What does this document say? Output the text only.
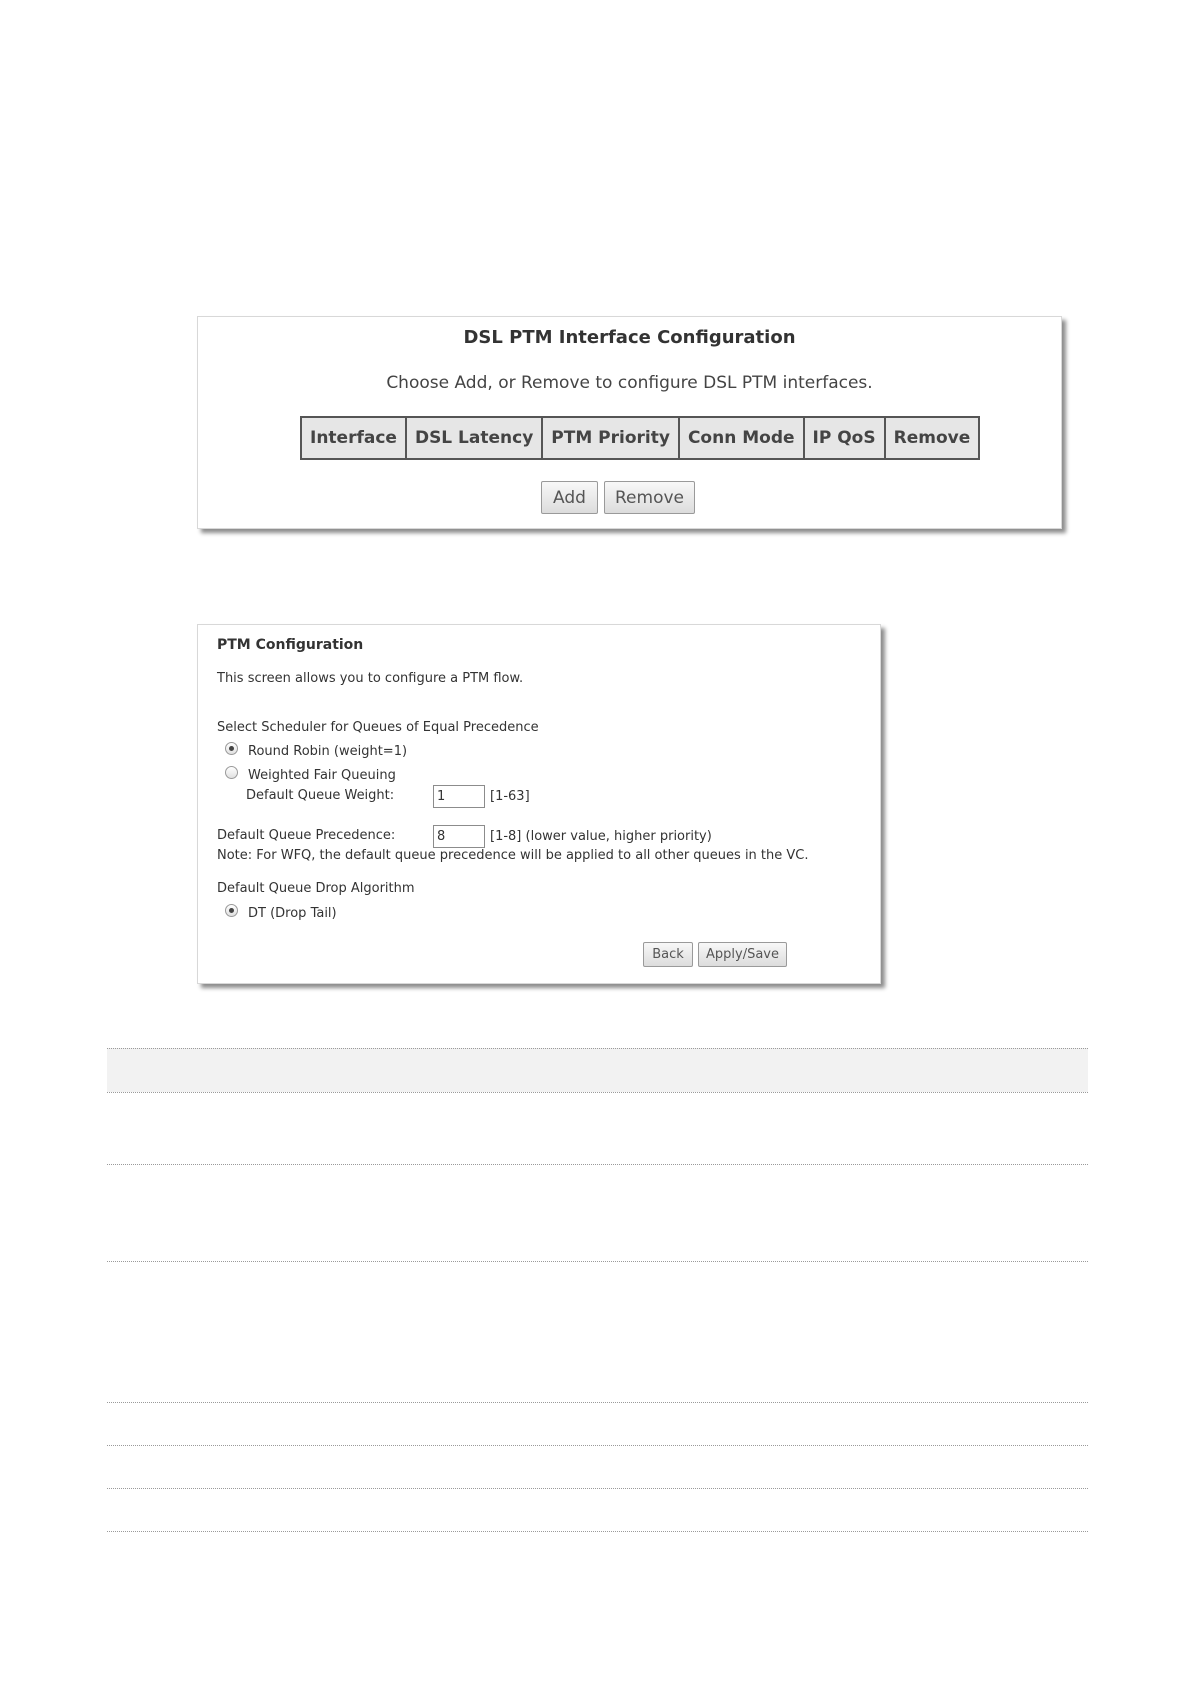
DSL PTM Interface Configuration
Choose Add, or Remove to configure DSL PTM interfaces.
Interface	DSL Latency	PTM Priority	Conn Mode	IP QoS	Remove
Add	Remove
PTM Configuration
This screen allows you to configure a PTM flow.
Select Scheduler for Queues of Equal Precedence
Round Robin (weight=1)
Weighted Fair Queuing
Default Queue Weight:
1	[1-63]
Default Queue Precedence:
8	[1-8] (lower value, higher priority)
Note: For WFQ, the default queue precedence will be applied to all other queues in the VC.
Default Queue Drop Algorithm
DT (Drop Tail)
Back	Apply/Save
